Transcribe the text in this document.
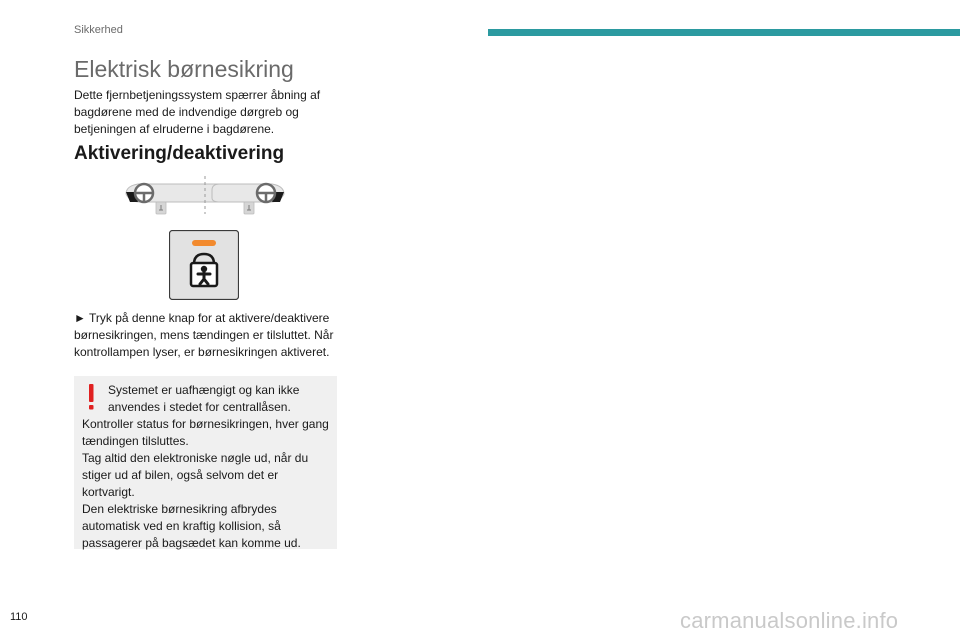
Sikkerhed
Elektrisk børnesikring

Dette fjernbetjeningssystem spærrer åbning af bagdørene med de indvendige dørgreb og betjeningen af elruderne i bagdørene.

Aktivering/deaktivering

► Tryk på denne knap for at aktivere/deaktivere børnesikringen, mens tændingen er tilsluttet. Når kontrollampen lyser, er børnesikringen aktiveret.

Systemet er uafhængigt og kan ikke anvendes i stedet for centrallåsen.

Kontroller status for børnesikringen, hver gang tændingen tilsluttes.
Tag altid den elektroniske nøgle ud, når du stiger ud af bilen, også selvom det er kortvarigt.
Den elektriske børnesikring afbrydes automatisk ved en kraftig kollision, så passagerer på bagsædet kan komme ud.

110	carmanualsonline.info
